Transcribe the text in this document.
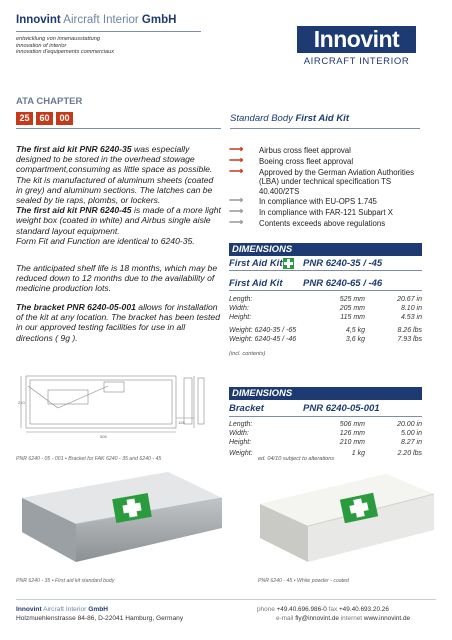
Innovint Aircraft Interior GmbH
entwicklung von innenausstattung
innovation of interior
innovation d'equipements commerciaux
Innovint
AIRCRAFT INTERIOR
ATA CHAPTER
25	60	00	Standard Body First Aid Kit
The first aid kit PNR 6240-35 was especially designed to be stored in the overhead stowage compartment,consuming as little space as possible.
The kit is manufactured of aluminum sheets (coated in grey) and aluminum sections. The latches can be sealed by tie raps, plombs, or lockers.
The first aid kit PNR 6240-45 is made of a more light weight box (coated in white) and Airbus single aisle standard layout equipment.
Form Fit and Function are identical to 6240-35.
The anticipated shelf life is 18 months, which may be reduced down to 12 months due to the availability of medicine production lots.
The bracket PNR 6240-05-001 allows for installation of the kit at any location. The bracket has been tested in our approved testing facilities for use in all directions ( 9g ).
⟶ Airbus cross fleet approval
⟶ Boeing cross fleet approval
⟶ Approved by the German Aviation Authorities (LBA) under technical specification TS 40.400/2TS
⟶ In compliance with EU-OPS 1.745
⟶ In compliance with FAR-121 Subpart X
⟶ Contents exceeds above regulations
DIMENSIONS
First Aid Kit PNR 6240-35 / -45
First Aid Kit PNR 6240-65 / -46
Length:	525 mm	20.67 in
Width:	205 mm	8.10 in
Height:	115 mm	4.53 in
Weight: 6240-35 / -65	4,5 kg	8.26 lbs
Weight: 6240-45 / -46	3,6 kg	7.93 lbs
(incl. contents)
210
506
126
PNR 6240 - 05 - 001 • Bracket for FAK 6240 - 35 and 6240 - 45
DIMENSIONS
Bracket	PNR 6240-05-001
Length:	506 mm	20.00 in
Width:	126 mm	5.00 in
Height:	210 mm	8.27 in
Weight:	1 kg	2.20 lbs
ed. 04/10 subject to alterations
PNR 6240 - 35 • First aid kit standard body	PNR 6240 - 45 • White powder - coated
Innovint Aircraft Interior GmbH
Holzmuehlenstrasse 84-86, D-22041 Hamburg, Germany
phone +49.40.696.986-0 fax +49.40.693.20.26
e-mail fly@innovint.de internet www.innovint.de
